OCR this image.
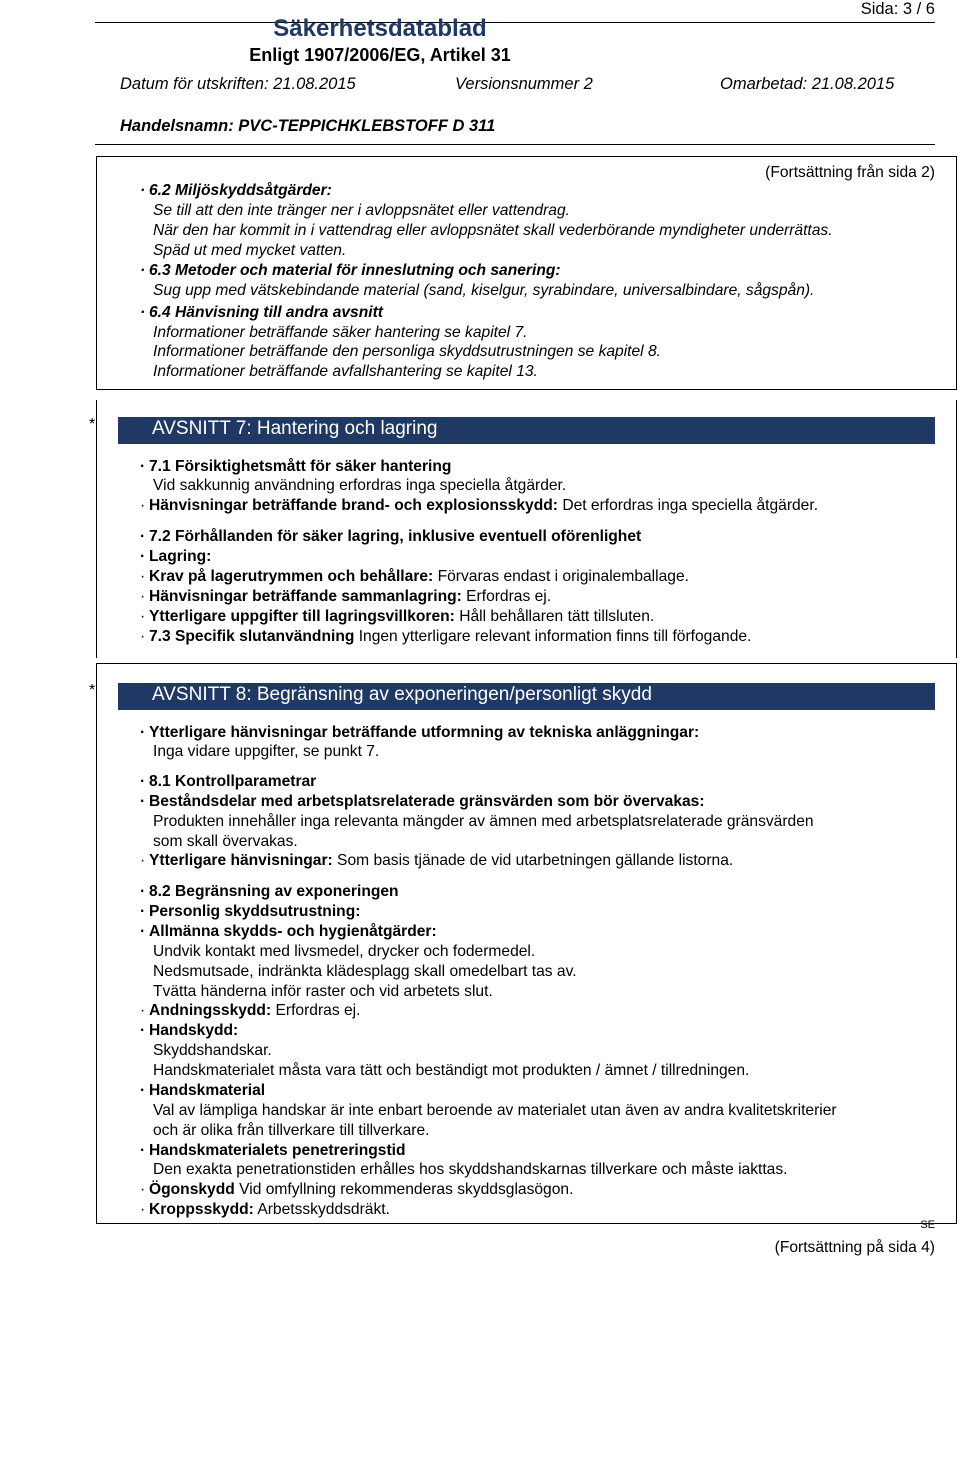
Sida: 3 / 6
Säkerhetsdatablad
Enligt 1907/2006/EG, Artikel 31
Datum för utskriften: 21.08.2015	Versionsnummer 2	Omarbetad: 21.08.2015
Handelsnamn: PVC-TEPPICHKLEBSTOFF D 311
(Fortsättning från sida 2)
· 6.2 Miljöskyddsåtgärder:
Se till att den inte tränger ner i avloppsnätet eller vattendrag.
När den har kommit in i vattendrag eller avloppsnätet skall vederbörande myndigheter underrättas.
Späd ut med mycket vatten.
· 6.3 Metoder och material för inneslutning och sanering:
Sug upp med vätskebindande material (sand, kiselgur, syrabindare, universalbindare, sågspån).
· 6.4 Hänvisning till andra avsnitt
Informationer beträffande säker hantering se kapitel 7.
Informationer beträffande den personliga skyddsutrustningen se kapitel 8.
Informationer beträffande avfallshantering se kapitel 13.
*	AVSNITT 7: Hantering och lagring
· 7.1 Försiktighetsmått för säker hantering
Vid sakkunnig användning erfordras inga speciella åtgärder.
· Hänvisningar beträffande brand- och explosionsskydd: Det erfordras inga speciella åtgärder.
· 7.2 Förhållanden för säker lagring, inklusive eventuell oförenlighet
· Lagring:
· Krav på lagerutrymmen och behållare: Förvaras endast i originalemballage.
· Hänvisningar beträffande sammanlagring: Erfordras ej.
· Ytterligare uppgifter till lagringsvillkoren: Håll behållaren tätt tillsluten.
· 7.3 Specifik slutanvändning Ingen ytterligare relevant information finns till förfogande.
*	AVSNITT 8: Begränsning av exponeringen/personligt skydd
· Ytterligare hänvisningar beträffande utformning av tekniska anläggningar:
Inga vidare uppgifter, se punkt 7.
· 8.1 Kontrollparametrar
· Beståndsdelar med arbetsplatsrelaterade gränsvärden som bör övervakas:
Produkten innehåller inga relevanta mängder av ämnen med arbetsplatsrelaterade gränsvärden
som skall övervakas.
· Ytterligare hänvisningar: Som basis tjänade de vid utarbetningen gällande listorna.
· 8.2 Begränsning av exponeringen
· Personlig skyddsutrustning:
· Allmänna skydds- och hygienåtgärder:
Undvik kontakt med livsmedel, drycker och fodermedel.
Nedsmutsade, indränkta klädesplagg skall omedelbart tas av.
Tvätta händerna inför raster och vid arbetets slut.
· Andningsskydd: Erfordras ej.
· Handskydd:
Skyddshandskar.
Handskmaterialet måsta vara tätt och beständigt mot produkten / ämnet / tillredningen.
· Handskmaterial
Val av lämpliga handskar är inte enbart beroende av materialet utan även av andra kvalitetskriterier
och är olika från tillverkare till tillverkare.
· Handskmaterialets penetreringstid
Den exakta penetrationstiden erhålles hos skyddshandskarnas tillverkare och måste iakttas.
· Ögonskydd Vid omfyllning rekommenderas skyddsglasögon.
· Kroppsskydd: Arbetsskyddsdräkt.
SE
(Fortsättning på sida 4)
